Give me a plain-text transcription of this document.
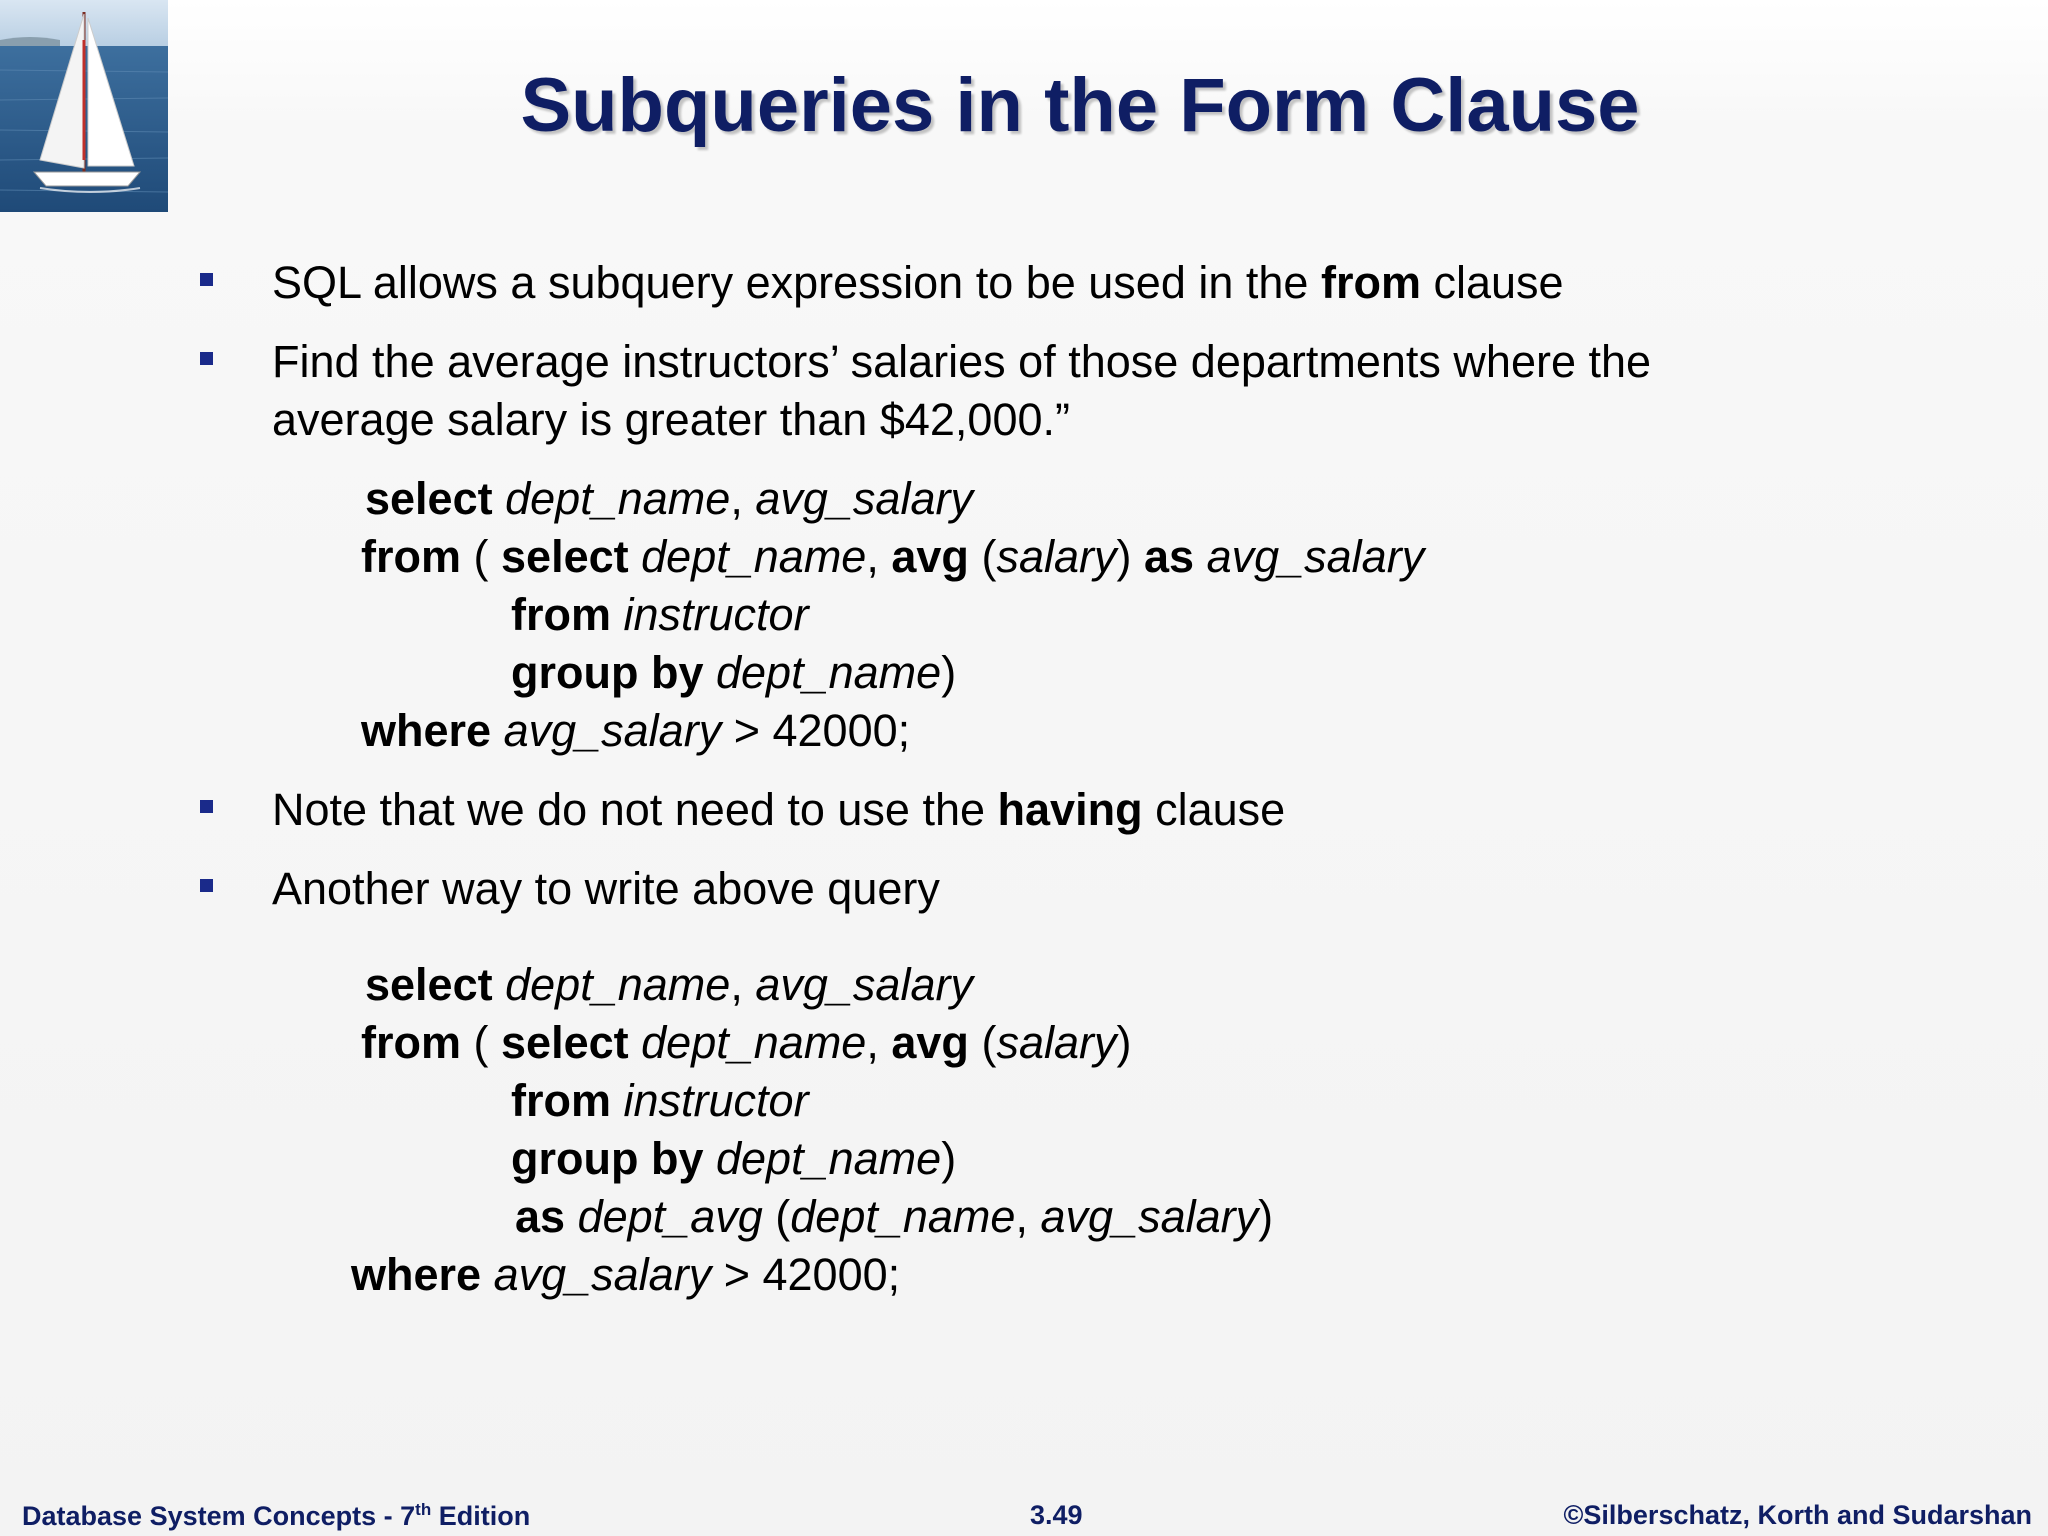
Subqueries in the Form Clause
SQL allows a subquery expression to be used in the from clause
Find the average instructors’ salaries of those departments where the
average salary is greater than $42,000.”
select dept_name, avg_salary
from ( select dept_name, avg (salary) as avg_salary
from instructor
group by dept_name)
where avg_salary > 42000;
Note that we do not need to use the having clause
Another way to write above query
select dept_name, avg_salary
from ( select dept_name, avg (salary)
from instructor
group by dept_name)
as dept_avg (dept_name, avg_salary)
where avg_salary > 42000;
Database System Concepts - 7th Edition	3.49	©Silberschatz, Korth and Sudarshan
